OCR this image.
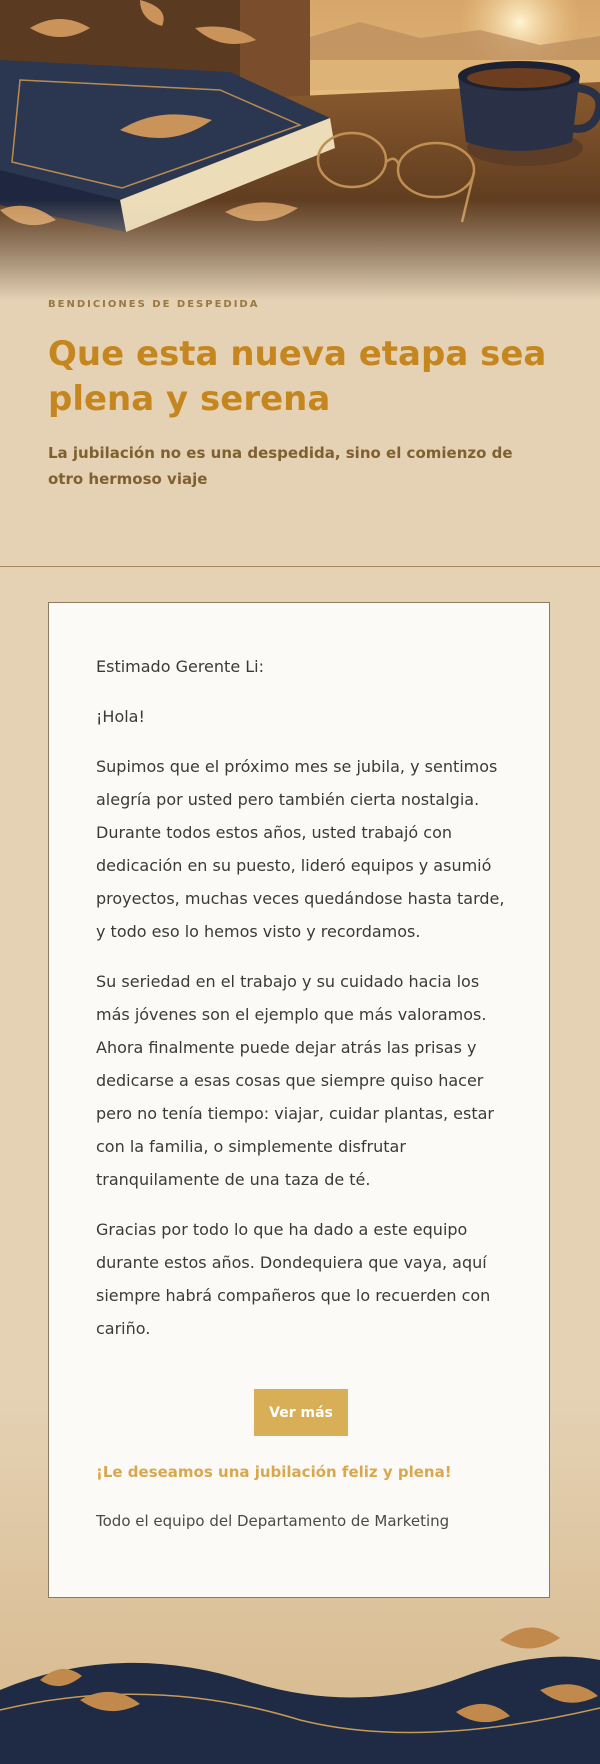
BENDICIONES DE DESPEDIDA
Que esta nueva etapa sea plena y serena

La jubilación no es una despedida, sino el comienzo de otro hermoso viaje

Estimado Gerente Li:

¡Hola!

Supimos que el próximo mes se jubila, y sentimos alegría por usted pero también cierta nostalgia. Durante todos estos años, usted trabajó con dedicación en su puesto, lideró equipos y asumió proyectos, muchas veces quedándose hasta tarde, y todo eso lo hemos visto y recordamos.

Su seriedad en el trabajo y su cuidado hacia los más jóvenes son el ejemplo que más valoramos. Ahora finalmente puede dejar atrás las prisas y dedicarse a esas cosas que siempre quiso hacer pero no tenía tiempo: viajar, cuidar plantas, estar con la familia, o simplemente disfrutar tranquilamente de una taza de té.

Gracias por todo lo que ha dado a este equipo durante estos años. Dondequiera que vaya, aquí siempre habrá compañeros que lo recuerden con cariño.

Ver más
¡Le deseamos una jubilación feliz y plena!
Todo el equipo del Departamento de Marketing
